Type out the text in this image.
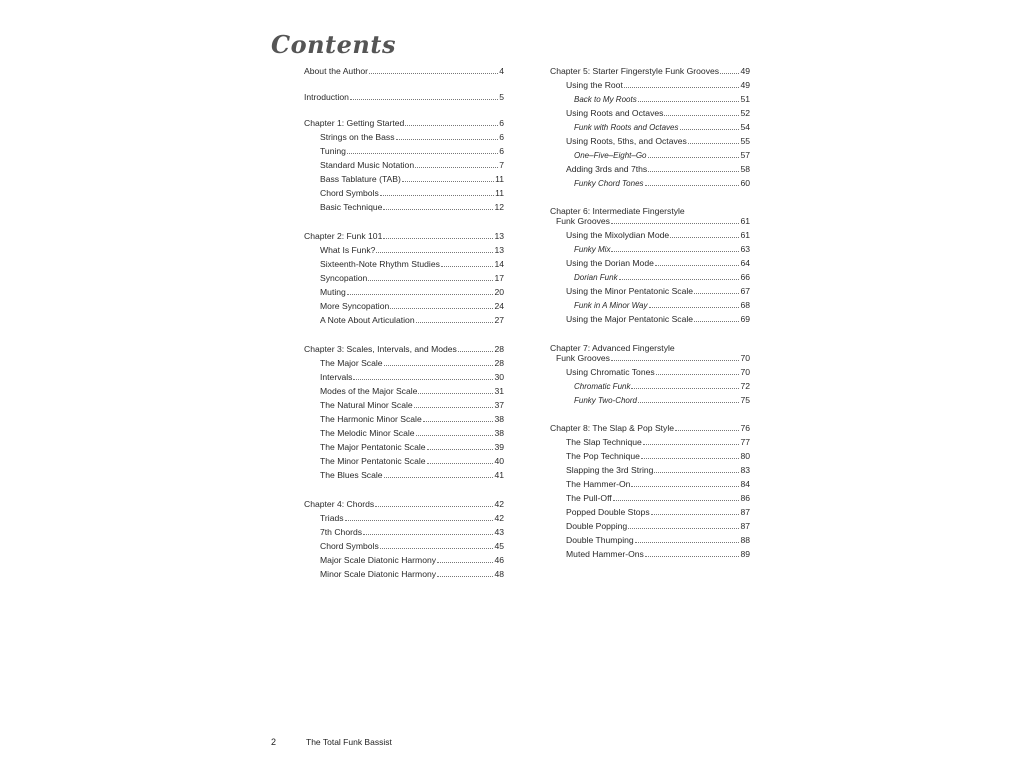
Contents
About the Author	4
Introduction	5
Chapter 1: Getting Started	6
Strings on the Bass	6
Tuning	6
Standard Music Notation	7
Bass Tablature (TAB)	11
Chord Symbols	11
Basic Technique	12
Chapter 2: Funk 101	13
What Is Funk?	13
Sixteenth-Note Rhythm Studies	14
Syncopation	17
Muting	20
More Syncopation	24
A Note About Articulation	27
Chapter 3: Scales, Intervals, and Modes	28
The Major Scale	28
Intervals	30
Modes of the Major Scale	31
The Natural Minor Scale	37
The Harmonic Minor Scale	38
The Melodic Minor Scale	38
The Major Pentatonic Scale	39
The Minor Pentatonic Scale	40
The Blues Scale	41
Chapter 4: Chords	42
Triads	42
7th Chords	43
Chord Symbols	45
Major Scale Diatonic Harmony	46
Minor Scale Diatonic Harmony	48
Chapter 5: Starter Fingerstyle Funk Grooves 49
Using the Root	49
Back to My Roots	51
Using Roots and Octaves	52
Funk with Roots and Octaves	54
Using Roots, 5ths, and Octaves	55
One–Five–Eight–Go	57
Adding 3rds and 7ths	58
Funky Chord Tones	60
Chapter 6: Intermediate Fingerstyle
Funk Grooves	61
Using the Mixolydian Mode	61
Funky Mix	63
Using the Dorian Mode	64
Dorian Funk	66
Using the Minor Pentatonic Scale	67
Funk in A Minor Way	68
Using the Major Pentatonic Scale	69
Chapter 7: Advanced Fingerstyle
Funk Grooves	70
Using Chromatic Tones	70
Chromatic Funk	72
Funky Two-Chord	75
Chapter 8: The Slap & Pop Style	76
The Slap Technique	77
The Pop Technique	80
Slapping the 3rd String	83
The Hammer-On	84
The Pull-Off	86
Popped Double Stops	87
Double Popping	87
Double Thumping	88
Muted Hammer-Ons	89
2	The Total Funk Bassist
